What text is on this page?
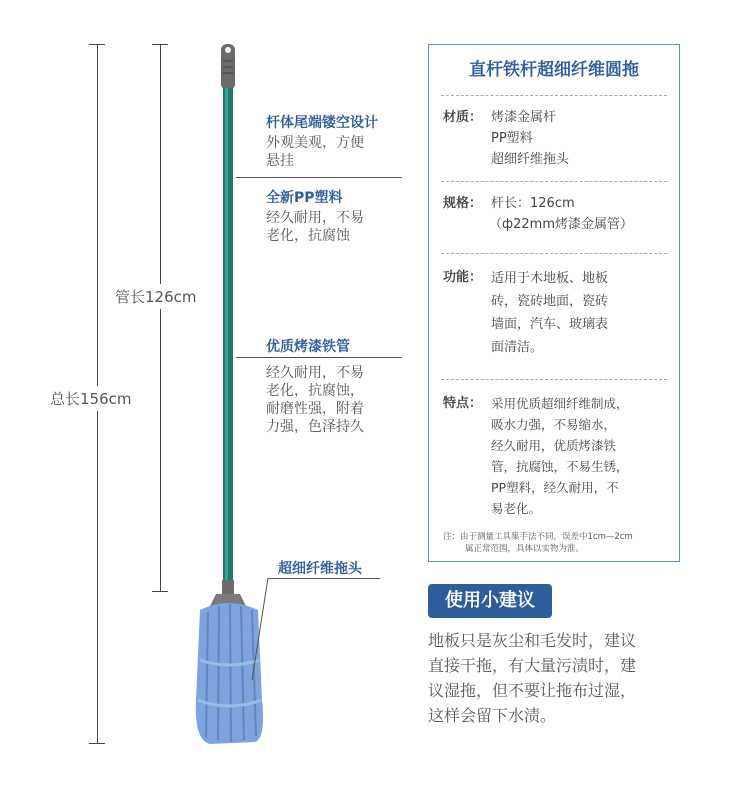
总长156cm
管长126cm
杆体尾端镂空设计
外观美观，方便
悬挂
全新PP塑料
经久耐用，不易
老化，抗腐蚀
优质烤漆铁管
经久耐用，不易
老化，抗腐蚀，
耐磨性强，附着
力强，色泽持久
超细纤维拖头
直杆铁杆超细纤维圆拖
材质： 烤漆金属杆
PP塑料
超细纤维拖头
规格： 杆长：126cm
（ф22mm烤漆金属管）
功能： 适用于木地板、地板
砖，瓷砖地面，瓷砖
墙面，汽车、玻璃表
面清洁。
特点： 采用优质超细纤维制成，
吸水力强，不易缩水，
经久耐用，优质烤漆铁
管，抗腐蚀，不易生锈，
PP塑料，经久耐用，不
易老化。
注：由于测量工具集手法不同，误差中1cm—2cm
属正常范围，具体以实物为准。
使用小建议
地板只是灰尘和毛发时，建议
直接干拖，有大量污渍时，建
议湿拖，但不要让拖布过湿，
这样会留下水渍。
